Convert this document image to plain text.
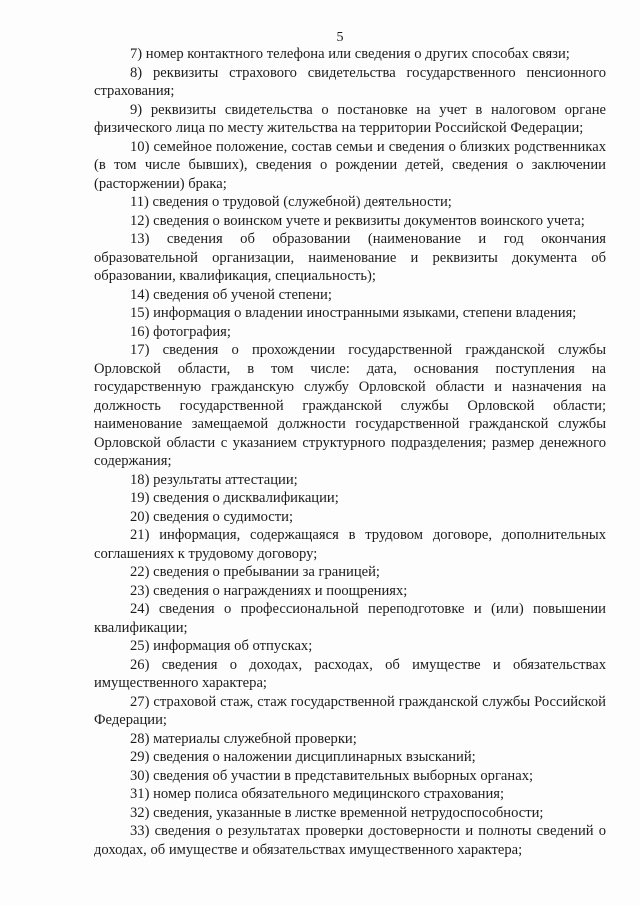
5

7) номер контактного телефона или сведения о других способах связи;

8) реквизиты страхового свидетельства государственного пенсионного страхования;

9) реквизиты свидетельства о постановке на учет в налоговом органе физического лица по месту жительства на территории Российской Федерации;

10) семейное положение, состав семьи и сведения о близких родственниках (в том числе бывших), сведения о рождении детей, сведения о заключении (расторжении) брака;

11) сведения о трудовой (служебной) деятельности;

12) сведения о воинском учете и реквизиты документов воинского учета;

13) сведения об образовании (наименование и год окончания образовательной организации, наименование и реквизиты документа об образовании, квалификация, специальность);

14) сведения об ученой степени;

15) информация о владении иностранными языками, степени владения;

16) фотография;

17) сведения о прохождении государственной гражданской службы Орловской области, в том числе: дата, основания поступления на государственную гражданскую службу Орловской области и назначения на должность государственной гражданской службы Орловской области; наименование замещаемой должности государственной гражданской службы Орловской области с указанием структурного подразделения; размер денежного содержания;

18) результаты аттестации;

19) сведения о дисквалификации;

20) сведения о судимости;

21) информация, содержащаяся в трудовом договоре, дополнительных соглашениях к трудовому договору;

22) сведения о пребывании за границей;

23) сведения о награждениях и поощрениях;

24) сведения о профессиональной переподготовке и (или) повышении квалификации;

25) информация об отпусках;

26) сведения о доходах, расходах, об имуществе и обязательствах имущественного характера;

27) страховой стаж, стаж государственной гражданской службы Российской Федерации;

28) материалы служебной проверки;

29) сведения о наложении дисциплинарных взысканий;

30) сведения об участии в представительных выборных органах;

31) номер полиса обязательного медицинского страхования;

32) сведения, указанные в листке временной нетрудоспособности;

33) сведения о результатах проверки достоверности и полноты сведений о доходах, об имуществе и обязательствах имущественного характера;
